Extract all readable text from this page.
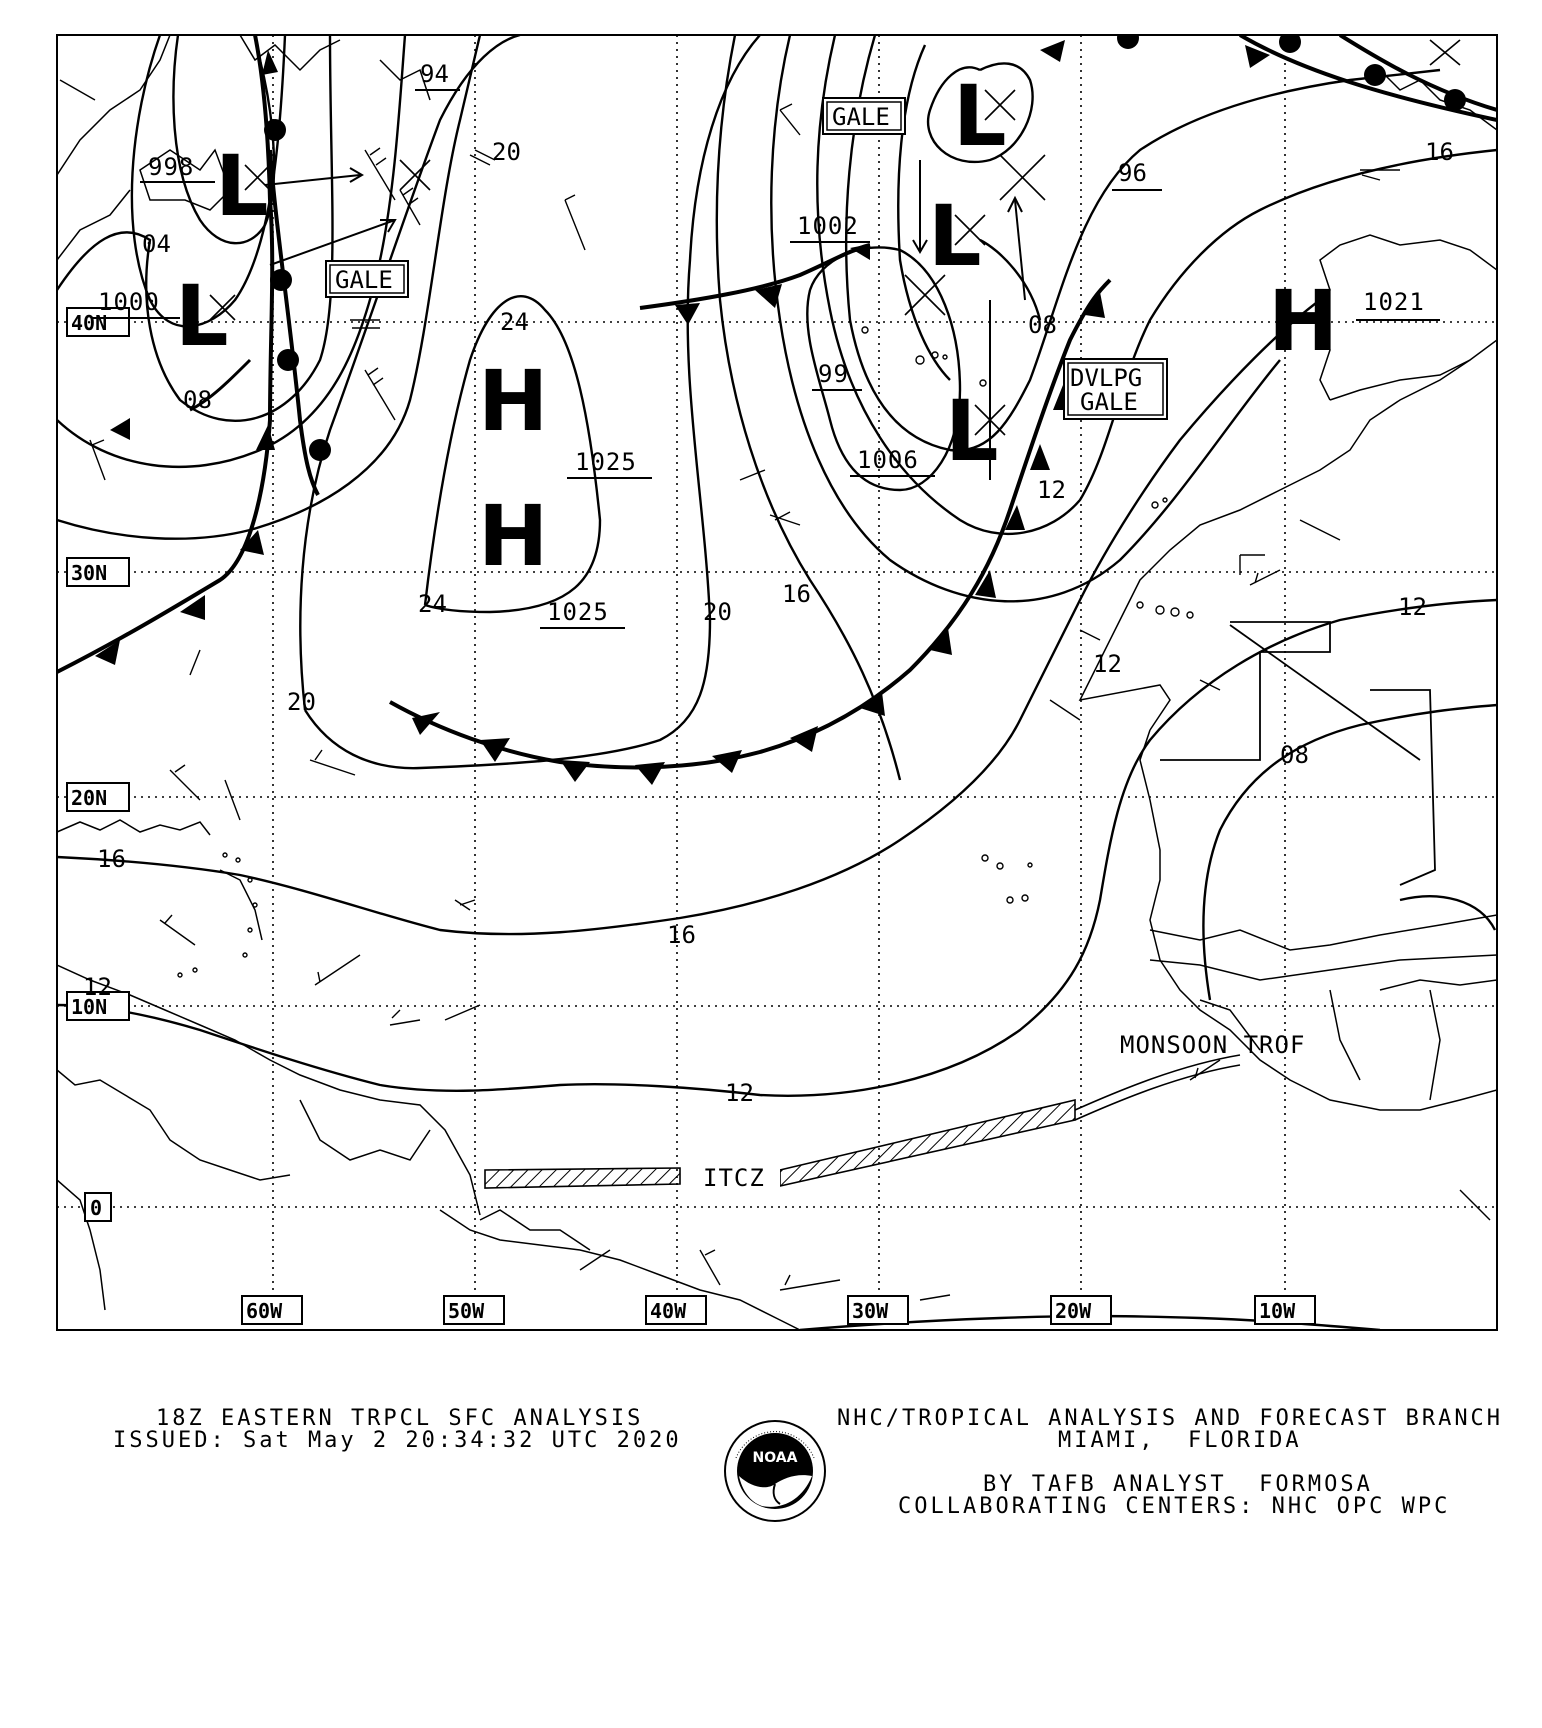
40N
30N
20N
10N
0
60W	50W	40W	30W	20W	10W
L
L
L
L
L
H
H
H
998
1000
1002
99
1006
1025
1025
1021
94
04
08
20
24
24	20
20
16
16
16
12
12
12
12
96
08
08
16
12
GALE
GALE
DVLPG
GALE
MONSOON TROF
ITCZ
18Z EASTERN TRPCL SFC ANALYSIS
ISSUED: Sat May 2 20:34:32 UTC 2020
NHC/TROPICAL ANALYSIS AND FORECAST BRANCH
MIAMI,  FLORIDA
BY TAFB ANALYST  FORMOSA
COLLABORATING CENTERS: NHC OPC WPC
NOAA
